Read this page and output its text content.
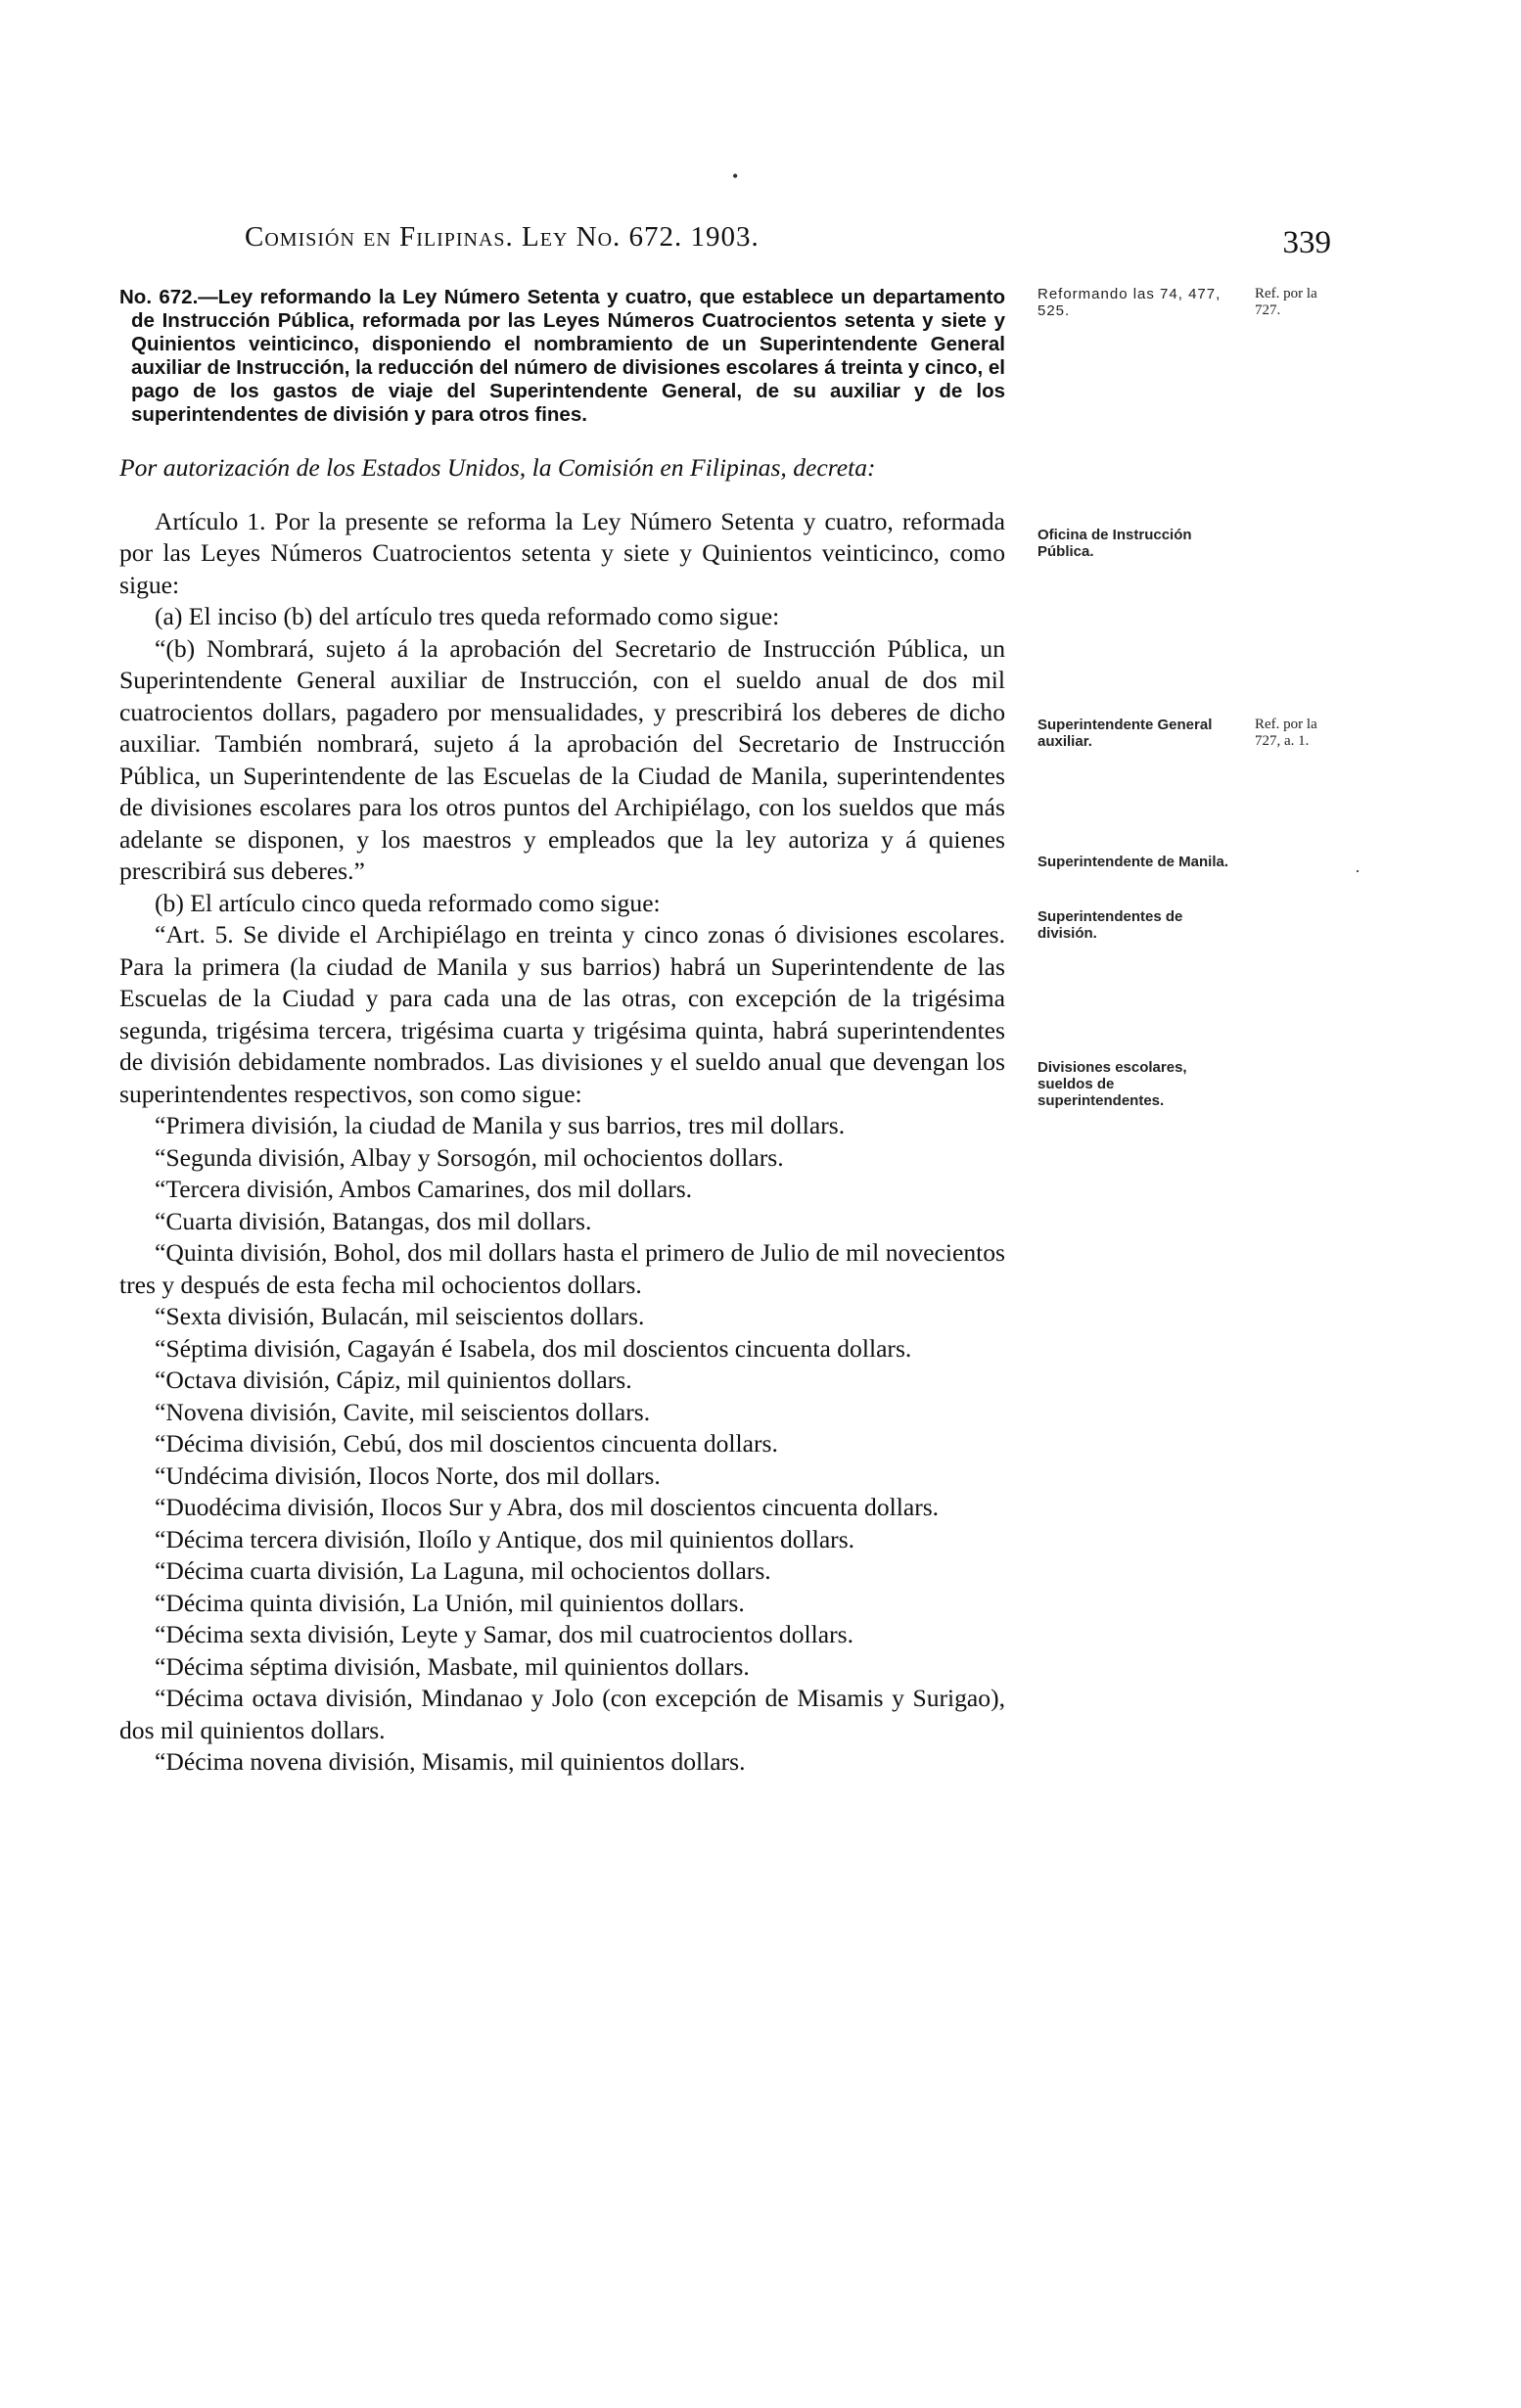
Comisión en Filipinas. Ley No. 672. 1903.	339

No. 672.—Ley reformando la Ley Número Setenta y cuatro, que establece un departamento de Instrucción Pública, reformada por las Leyes Números Cuatrocientos setenta y siete y Quinientos veinticinco, disponiendo el nombramiento de un Superintendente General auxiliar de Instrucción, la reducción del número de divisiones escolares á treinta y cinco, el pago de los gastos de viaje del Superintendente General, de su auxiliar y de los superintendentes de división y para otros fines.

Por autorización de los Estados Unidos, la Comisión en Filipinas, decreta:

Artículo 1. Por la presente se reforma la Ley Número Setenta y cuatro, reformada por las Leyes Números Cuatrocientos setenta y siete y Quinientos veinticinco, como sigue:

(a) El inciso (b) del artículo tres queda reformado como sigue:

“(b) Nombrará, sujeto á la aprobación del Secretario de Instrucción Pública, un Superintendente General auxiliar de Instrucción, con el sueldo anual de dos mil cuatrocientos dollars, pagadero por mensualidades, y prescribirá los deberes de dicho auxiliar. También nombrará, sujeto á la aprobación del Secretario de Instrucción Pública, un Superintendente de las Escuelas de la Ciudad de Manila, superintendentes de divisiones escolares para los otros puntos del Archipiélago, con los sueldos que más adelante se disponen, y los maestros y empleados que la ley autoriza y á quienes prescribirá sus deberes.”

(b) El artículo cinco queda reformado como sigue:

“Art. 5. Se divide el Archipiélago en treinta y cinco zonas ó divisiones escolares. Para la primera (la ciudad de Manila y sus barrios) habrá un Superintendente de las Escuelas de la Ciudad y para cada una de las otras, con excepción de la trigésima segunda, trigésima tercera, trigésima cuarta y trigésima quinta, habrá superintendentes de división debidamente nombrados. Las divisiones y el sueldo anual que devengan los superintendentes respectivos, son como sigue:

“Primera división, la ciudad de Manila y sus barrios, tres mil dollars.

“Segunda división, Albay y Sorsogón, mil ochocientos dollars.

“Tercera división, Ambos Camarines, dos mil dollars.

“Cuarta división, Batangas, dos mil dollars.

“Quinta división, Bohol, dos mil dollars hasta el primero de Julio de mil novecientos tres y después de esta fecha mil ochocientos dollars.

“Sexta división, Bulacán, mil seiscientos dollars.

“Séptima división, Cagayán é Isabela, dos mil doscientos cincuenta dollars.

“Octava división, Cápiz, mil quinientos dollars.

“Novena división, Cavite, mil seiscientos dollars.

“Décima división, Cebú, dos mil doscientos cincuenta dollars.

“Undécima división, Ilocos Norte, dos mil dollars.

“Duodécima división, Ilocos Sur y Abra, dos mil doscientos cincuenta dollars.

“Décima tercera división, Iloílo y Antique, dos mil quinientos dollars.

“Décima cuarta división, La Laguna, mil ochocientos dollars.

“Décima quinta división, La Unión, mil quinientos dollars.

“Décima sexta división, Leyte y Samar, dos mil cuatrocientos dollars.

“Décima séptima división, Masbate, mil quinientos dollars.

“Décima octava división, Mindanao y Jolo (con excepción de Misamis y Surigao), dos mil quinientos dollars.

“Décima novena división, Misamis, mil quinientos dollars.

Reformando las 74, 477, 525.
Ref. por la 727.
Oficina de Instrucción Pública.
Superintendente General auxiliar.
Ref. por la 727, a. 1.
Superintendente de Manila.
Superintendentes de división.
Divisiones escolares, sueldos de superintendentes.
•
·
